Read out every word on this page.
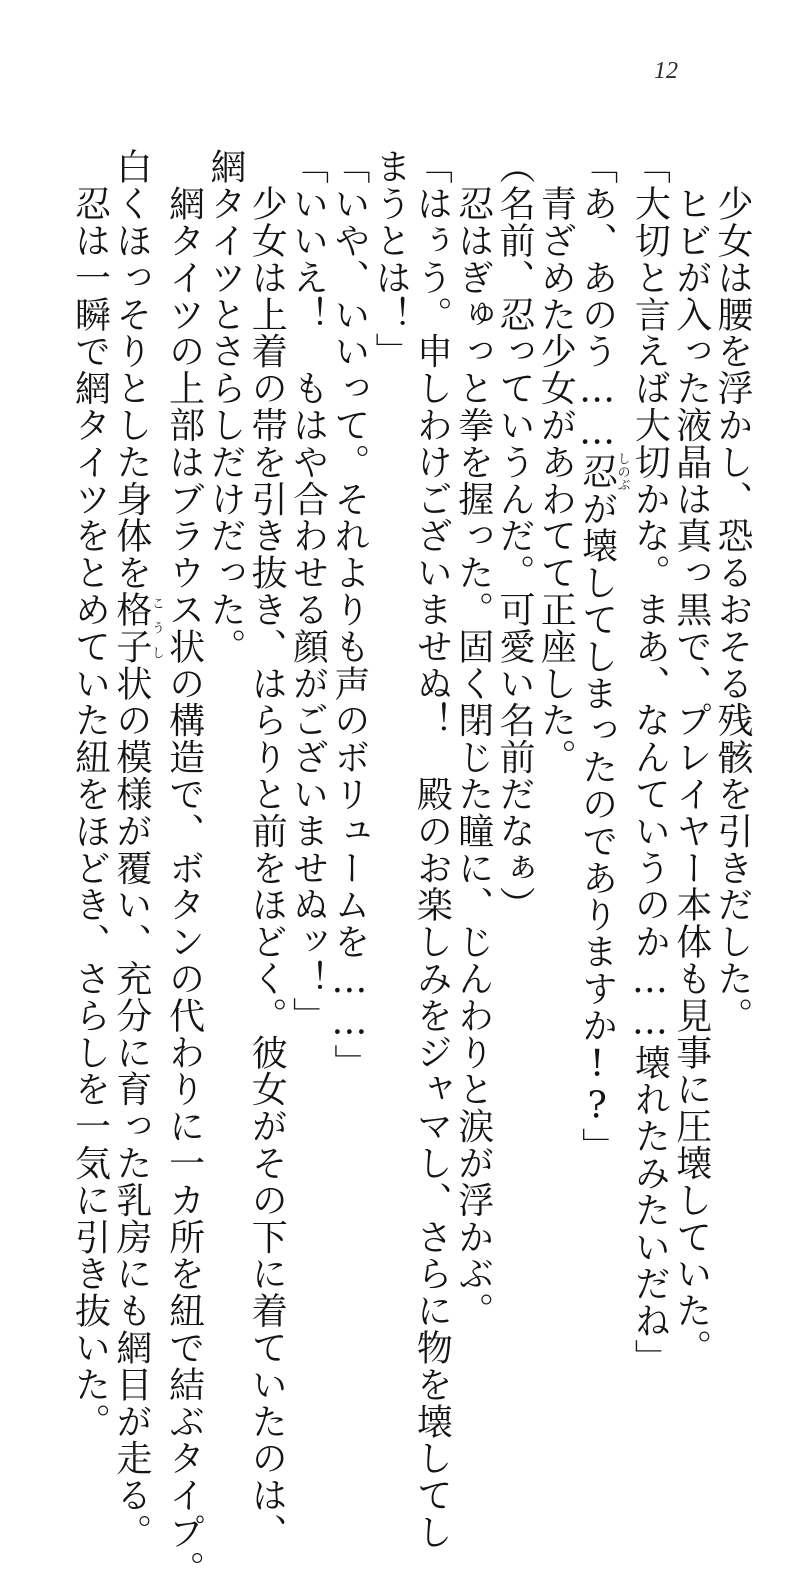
12
　少女は腰を浮かし、恐るおそる残骸を引きだした。
　ヒビが入った液晶は真っ黒で、プレイヤー本体も見事に圧壊していた。
「大切と言えば大切かな。まあ、なんていうのか……壊れたみたいだね」
「あ、あのう……忍しのぶが壊してしまったのでありますか!?」
　青ざめた少女があわてて正座した。
（名前、忍っていうんだ。可愛い名前だなぁ）
　忍はぎゅっと拳を握った。固く閉じた瞳に、じんわりと涙が浮かぶ。
「はぅう。申しわけございませぬ！　殿のお楽しみをジャマし、さらに物を壊してし
まうとは！」
「いや、いいって。それよりも声のボリュームを……」
「いいえ！　もはや合わせる顔がございませぬッ！」
　少女は上着の帯を引き抜き、はらりと前をほどく。彼女がその下に着ていたのは、
網タイツとさらしだけだった。
　網タイツの上部はブラウス状の構造で、ボタンの代わりに一カ所を紐で結ぶタイプ。
白くほっそりとした身体を格子こうし状の模様が覆い、充分に育った乳房にも網目が走る。
　忍は一瞬で網タイツをとめていた紐をほどき、さらしを一気に引き抜いた。
